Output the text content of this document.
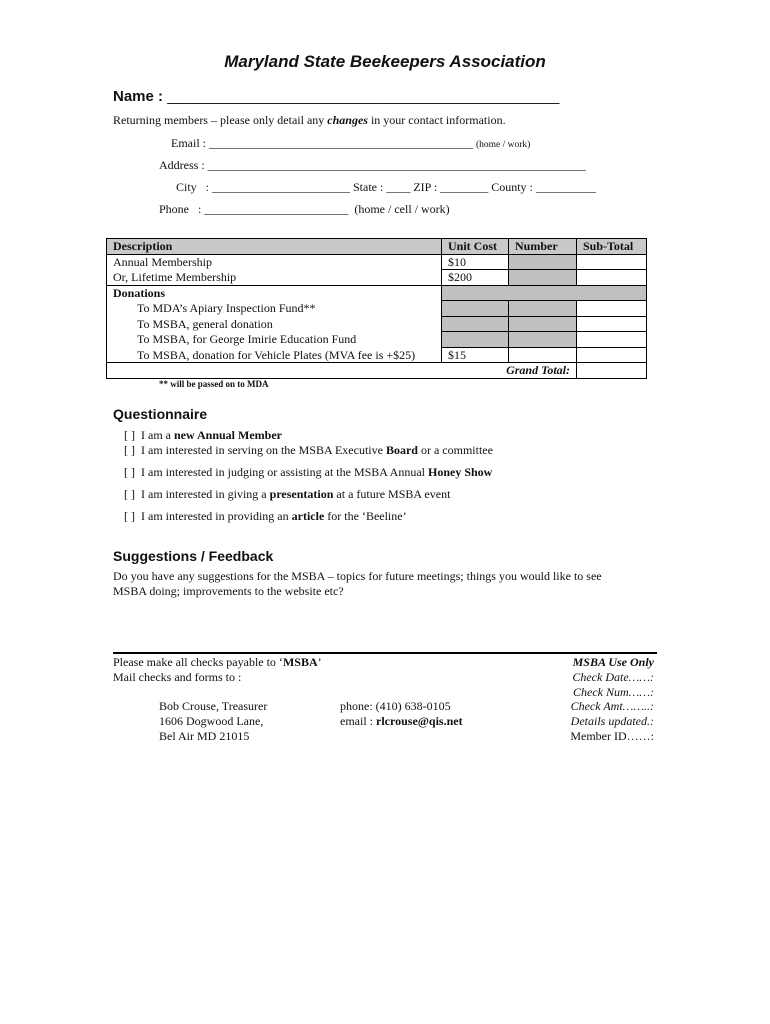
Maryland State Beekeepers Association
Name : _______________________________________________
Returning members – please only detail any changes in your contact information.
Email : ____________________________________________ (home / work)
Address : _______________________________________________________________
City : _______________________ State : ____ ZIP : ________ County : __________
Phone : ________________________ (home / cell / work)
Description	Unit Cost	Number	Sub-Total
Annual Membership	$10		
Or, Lifetime Membership	$200		
Donations			
To MDA’s Apiary Inspection Fund**			
To MSBA, general donation			
To MSBA, for George Imirie Education Fund			
To MSBA, donation for Vehicle Plates (MVA fee is +$25)	$15		
Grand Total:			
** will be passed on to MDA
Questionnaire
[ ] I am a new Annual Member
[ ] I am interested in serving on the MSBA Executive Board or a committee
[ ] I am interested in judging or assisting at the MSBA Annual Honey Show
[ ] I am interested in giving a presentation at a future MSBA event
[ ] I am interested in providing an article for the ‘Beeline’
Suggestions / Feedback
Do you have any suggestions for the MSBA – topics for future meetings; things you would like to see
MSBA doing; improvements to the website etc?
Please make all checks payable to ‘MSBA’
Mail checks and forms to :
Bob Crouse, Treasurer
1606 Dogwood Lane,
Bel Air MD 21015
phone: (410) 638-0105
email : rlcrouse@qis.net
MSBA Use Only
Check Date……:
Check Num……:
Check Amt……..:
Details updated.:
Member ID……:
